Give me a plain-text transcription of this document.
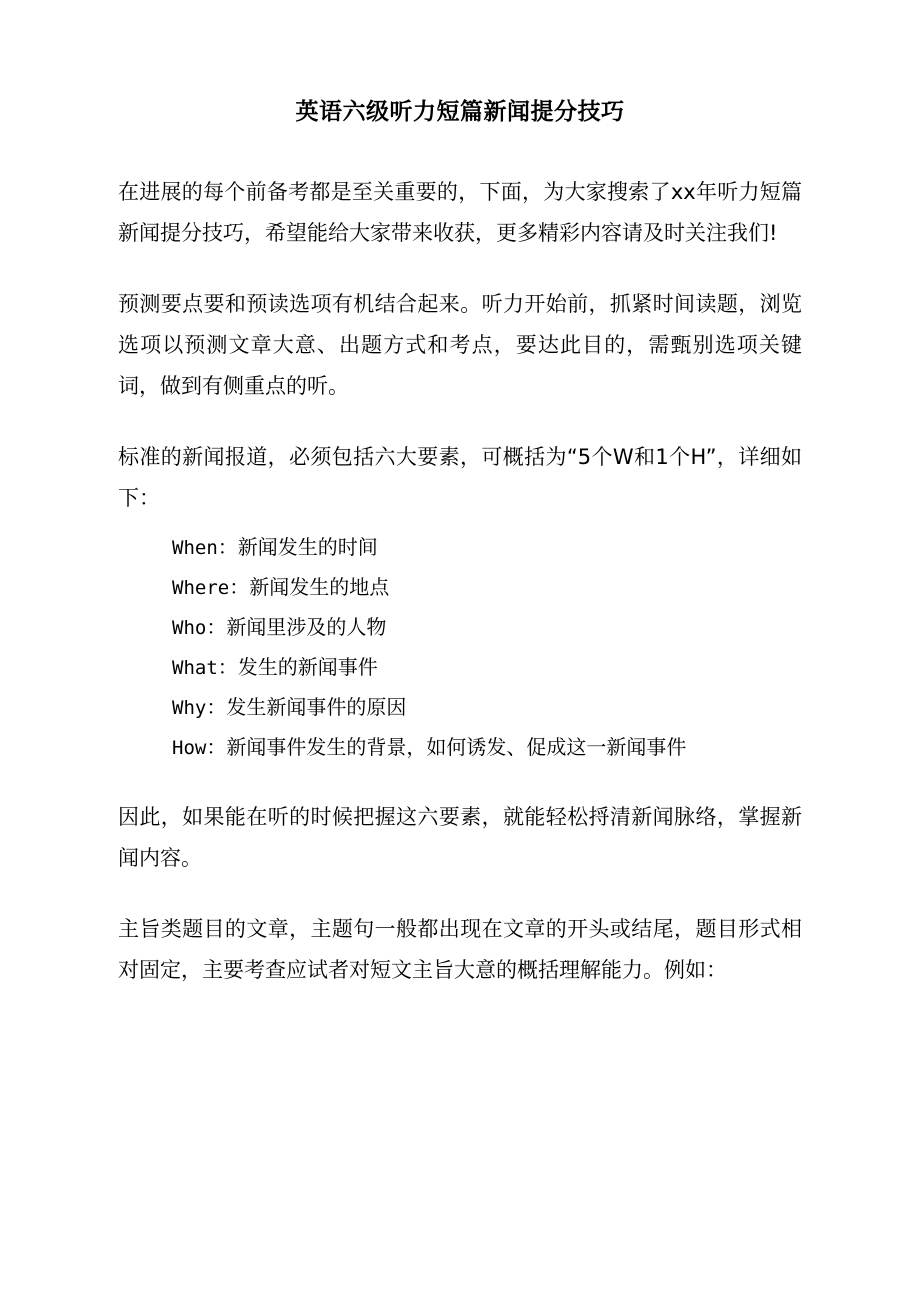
英语六级听力短篇新闻提分技巧

在进展的每个前备考都是至关重要的，下面，为大家搜索了xx年听力短篇新闻提分技巧，希望能给大家带来收获，更多精彩内容请及时关注我们!

预测要点要和预读选项有机结合起来。听力开始前，抓紧时间读题，浏览选项以预测文章大意、出题方式和考点，要达此目的，需甄别选项关键词，做到有侧重点的听。

标准的新闻报道，必须包括六大要素，可概括为“5个W和1个H”，详细如下：

When：新闻发生的时间
Where：新闻发生的地点
Who：新闻里涉及的人物
What：发生的新闻事件
Why：发生新闻事件的原因
How：新闻事件发生的背景，如何诱发、促成这一新闻事件

因此，如果能在听的时候把握这六要素，就能轻松捋清新闻脉络，掌握新闻内容。

主旨类题目的文章，主题句一般都出现在文章的开头或结尾，题目形式相对固定，主要考查应试者对短文主旨大意的概括理解能力。例如：
